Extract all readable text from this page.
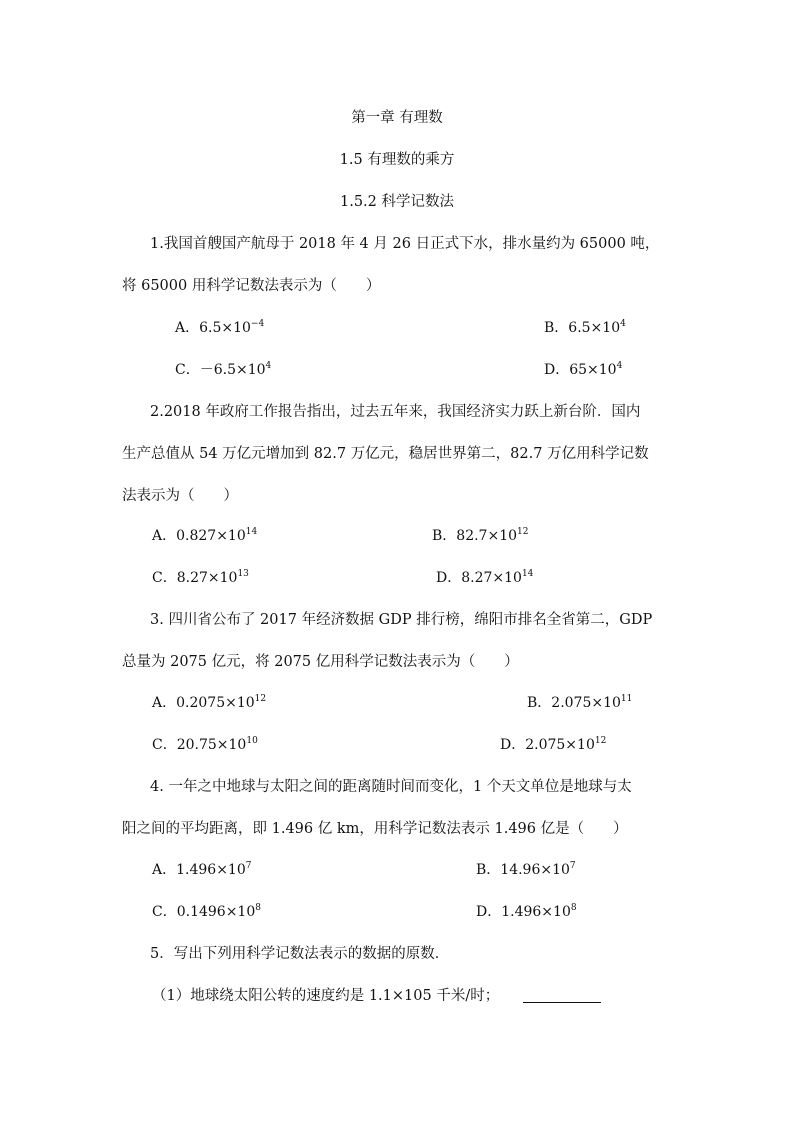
第一章 有理数
1.5 有理数的乘方
1.5.2 科学记数法
1.我国首艘国产航母于 2018 年 4 月 26 日正式下水，排水量约为 65000 吨，
将 65000 用科学记数法表示为（　　）
A．$6.5\times 10^{-4}$	B．$6.5\times 10^4$
C．$-6.5\times 10^4$	D．$65\times 10^4$
2.2018 年政府工作报告指出，过去五年来，我国经济实力跃上新台阶．国内
生产总值从 54 万亿元增加到 82.7 万亿元，稳居世界第二，82.7 万亿用科学记数
法表示为（　　）
A．$0.827\times 10^{14}$	B．$82.7\times 10^{12}$
C．$8.27\times 10^{13}$	D．$8.27\times 10^{14}$
3. 四川省公布了 2017 年经济数据 GDP 排行榜，绵阳市排名全省第二，GDP
总量为 2075 亿元，将 2075 亿用科学记数法表示为（　　）
A．$0.2075\times 10^{12}$	B．$2.075\times 10^{11}$
C．$20.75\times 10^{10}$	D．$2.075\times 10^{12}$
4. 一年之中地球与太阳之间的距离随时间而变化，1 个天文单位是地球与太
阳之间的平均距离，即 1.496 亿 km，用科学记数法表示 1.496 亿是（　　）
A．$1.496\times 10^7$	B．$14.96\times 10^7$
C．$0.1496\times 10^8$	D．$1.496\times 10^8$
5．写出下列用科学记数法表示的数据的原数．
（1）地球绕太阳公转的速度约是 1.1×105 千米/时；
